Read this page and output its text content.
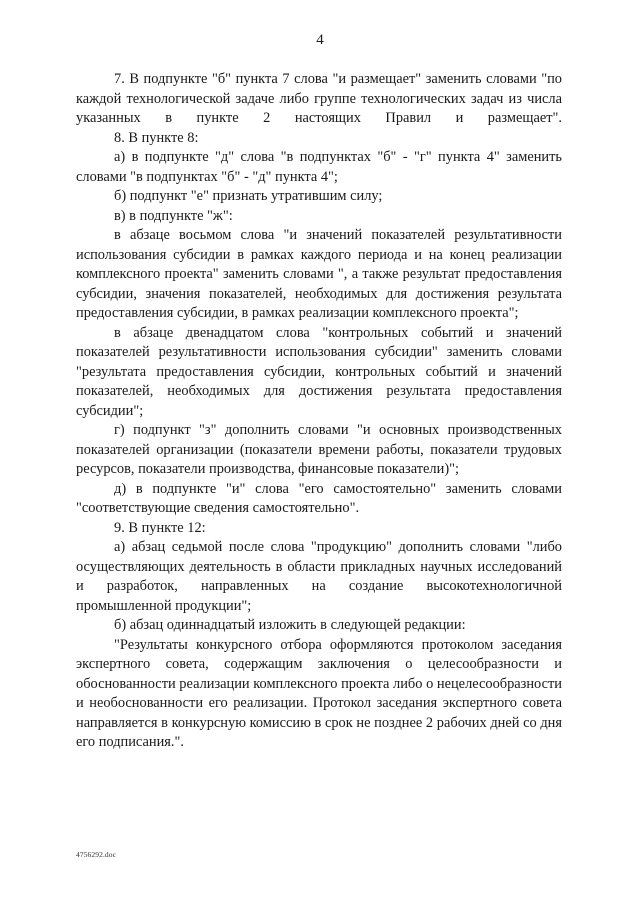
4

7. В подпункте "б" пункта 7 слова "и размещает" заменить словами "по каждой технологической задаче либо группе технологических задач из числа указанных в пункте 2 настоящих Правил и размещает".

8. В пункте 8:

а) в подпункте "д" слова "в подпунктах "б" - "г" пункта 4" заменить словами "в подпунктах "б" - "д" пункта 4";

б) подпункт "е" признать утратившим силу;

в) в подпункте "ж":

в абзаце восьмом слова "и значений показателей результативности использования субсидии в рамках каждого периода и на конец реализации комплексного проекта" заменить словами ", а также результат предоставления субсидии, значения показателей, необходимых для достижения результата предоставления субсидии, в рамках реализации комплексного проекта";

в абзаце двенадцатом слова "контрольных событий и значений показателей результативности использования субсидии" заменить словами "результата предоставления субсидии, контрольных событий и значений показателей, необходимых для достижения результата предоставления субсидии";

г) подпункт "з" дополнить словами "и основных производственных показателей организации (показатели времени работы, показатели трудовых ресурсов, показатели производства, финансовые показатели)";

д) в подпункте "и" слова "его самостоятельно" заменить словами "соответствующие сведения самостоятельно".

9. В пункте 12:

а) абзац седьмой после слова "продукцию" дополнить словами "либо осуществляющих деятельность в области прикладных научных исследований и разработок, направленных на создание высокотехнологичной промышленной продукции";

б) абзац одиннадцатый изложить в следующей редакции:

"Результаты конкурсного отбора оформляются протоколом заседания экспертного совета, содержащим заключения о целесообразности и обоснованности реализации комплексного проекта либо о нецелесообразности и необоснованности его реализации. Протокол заседания экспертного совета направляется в конкурсную комиссию в срок не позднее 2 рабочих дней со дня его подписания.".

4756292.doc
